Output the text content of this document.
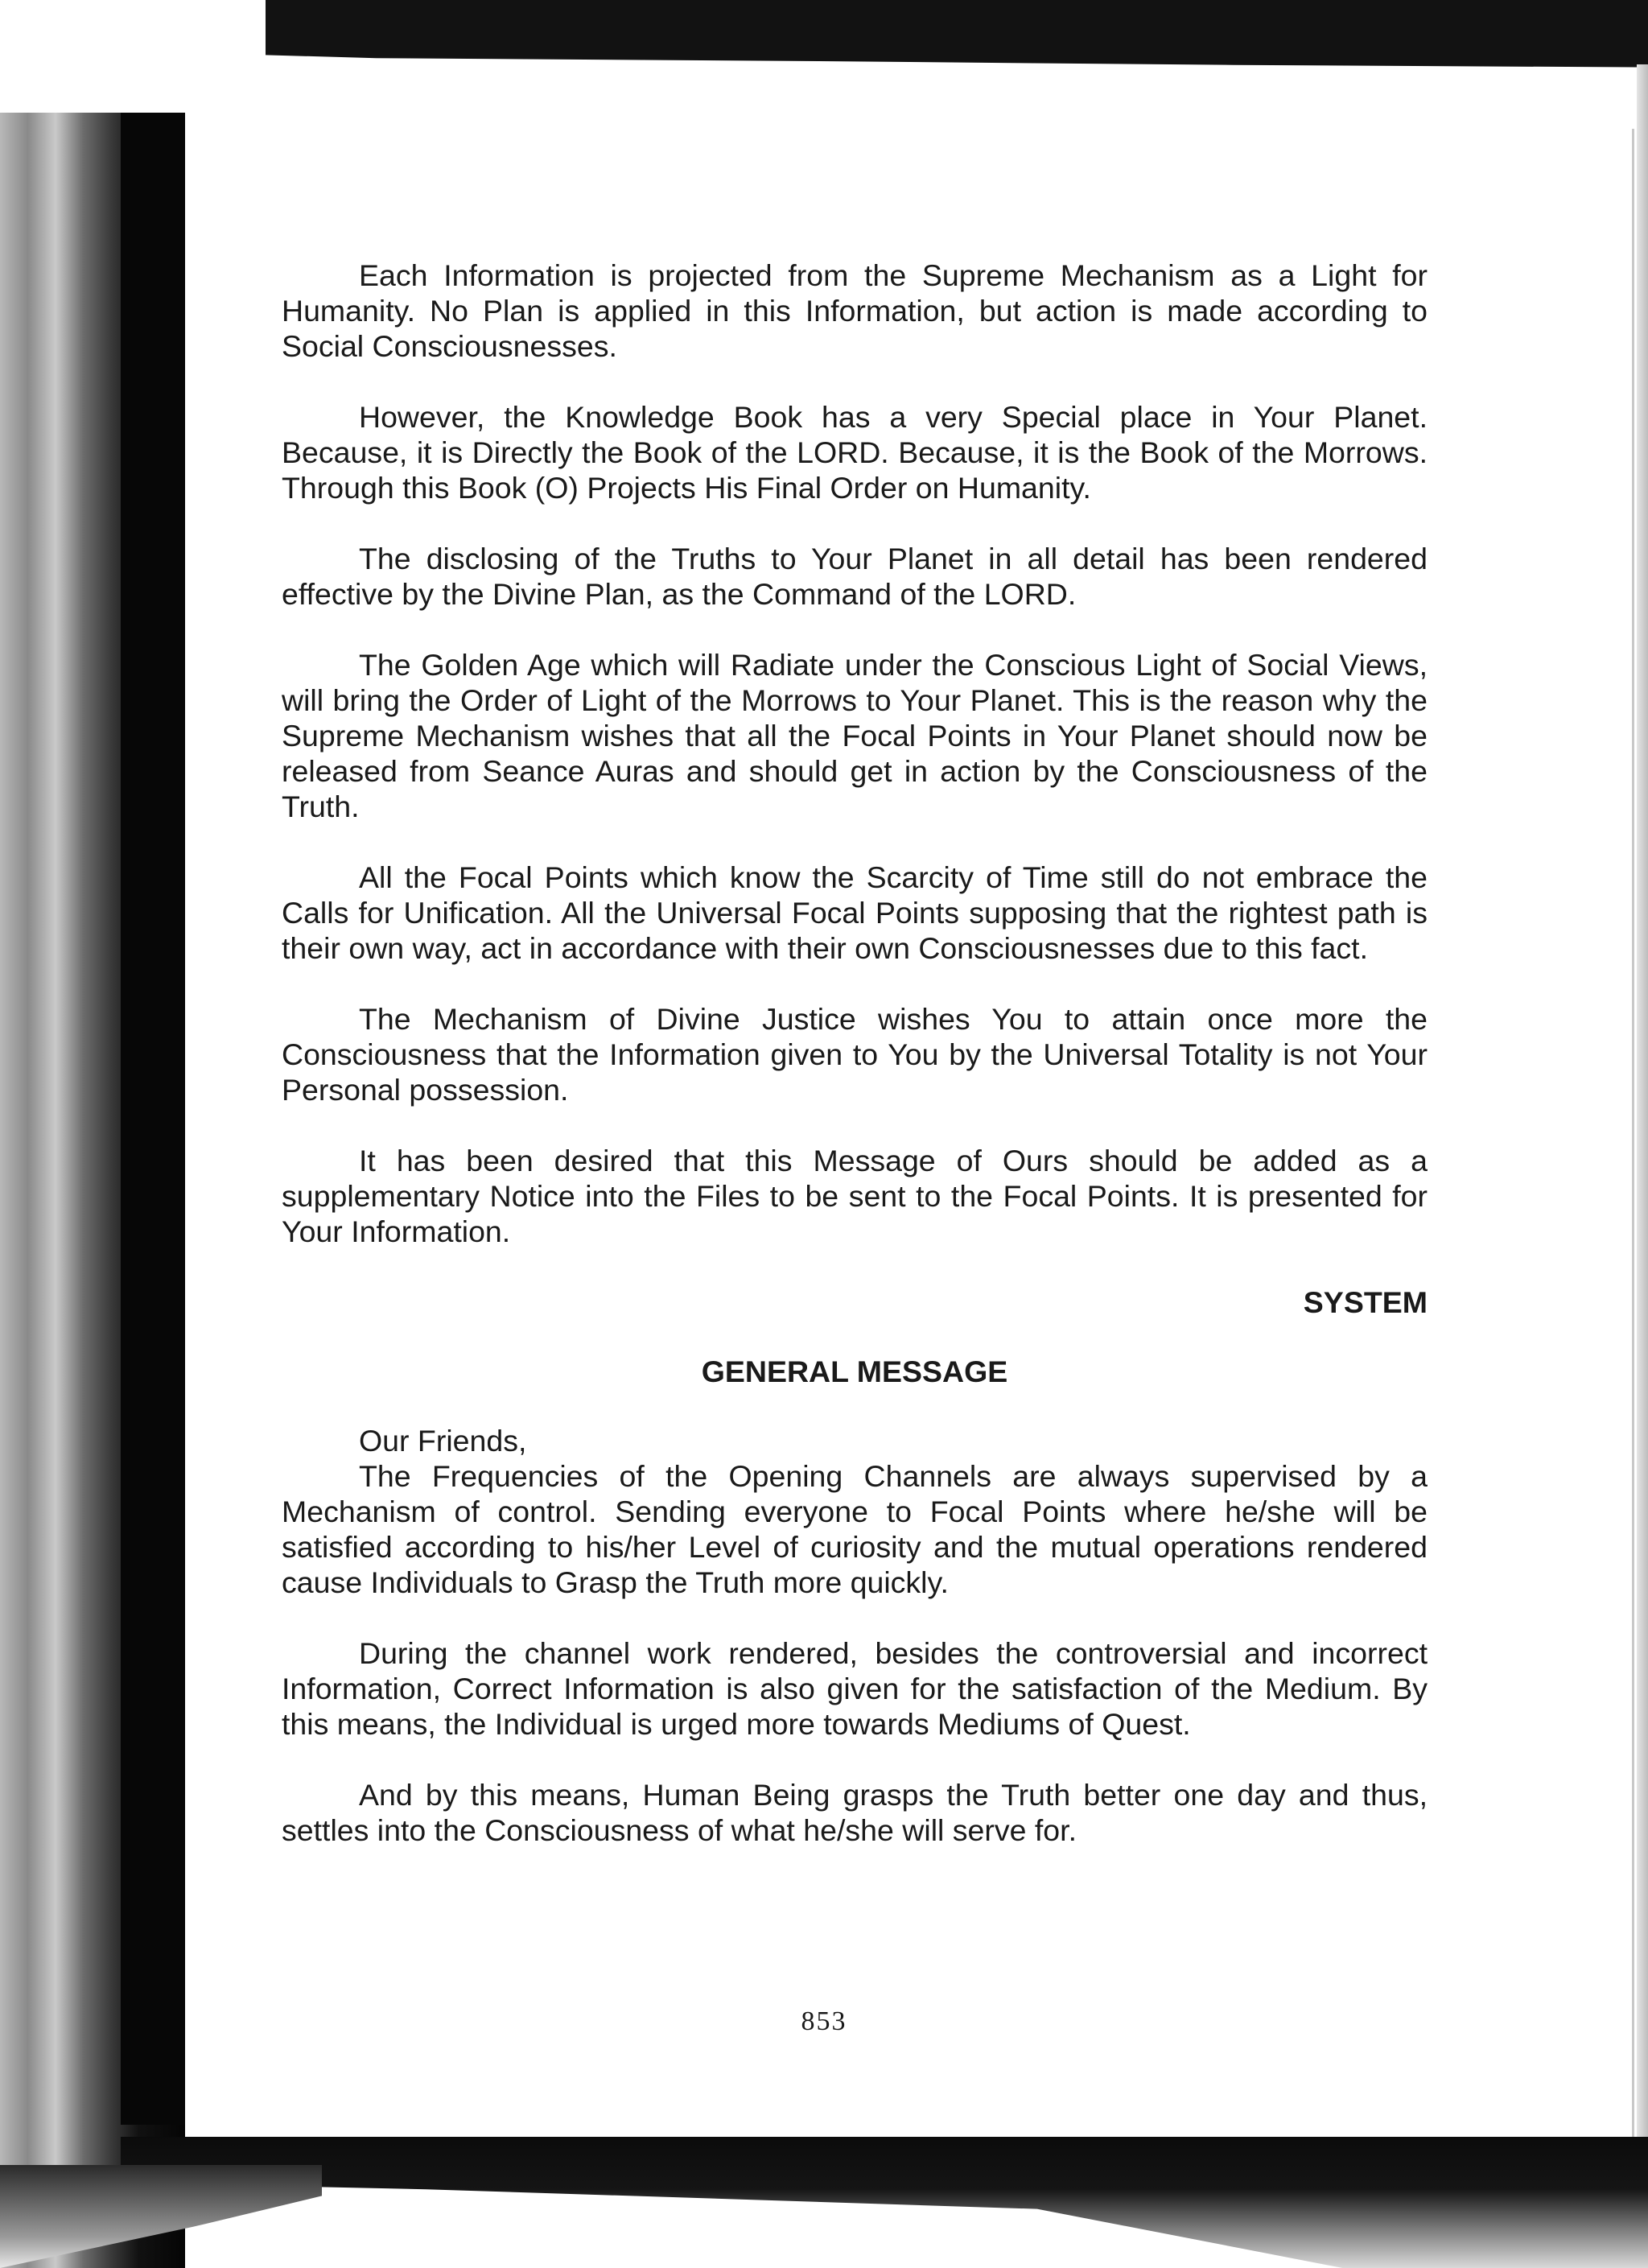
Each Information is projected from the Supreme Mechanism as a Light for Humanity. No Plan is applied in this Information, but action is made according to Social Consciousnesses.

However, the Knowledge Book has a very Special place in Your Planet. Because, it is Directly the Book of the LORD. Because, it is the Book of the Morrows. Through this Book (O) Projects His Final Order on Humanity.

The disclosing of the Truths to Your Planet in all detail has been rendered effective by the Divine Plan, as the Command of the LORD.

The Golden Age which will Radiate under the Conscious Light of Social Views, will bring the Order of Light of the Morrows to Your Planet. This is the reason why the Supreme Mechanism wishes that all the Focal Points in Your Planet should now be released from Seance Auras and should get in action by the Consciousness of the Truth.

All the Focal Points which know the Scarcity of Time still do not embrace the Calls for Unification. All the Universal Focal Points supposing that the rightest path is their own way, act in accordance with their own Consciousnesses due to this fact.

The Mechanism of Divine Justice wishes You to attain once more the Consciousness that the Information given to You by the Universal Totality is not Your Personal possession.

It has been desired that this Message of Ours should be added as a supplementary Notice into the Files to be sent to the Focal Points. It is presented for Your Information.

SYSTEM
GENERAL MESSAGE

Our Friends,

The Frequencies of the Opening Channels are always supervised by a Mechanism of control. Sending everyone to Focal Points where he/she will be satisfied according to his/her Level of curiosity and the mutual operations rendered cause Individuals to Grasp the Truth more quickly.

During the channel work rendered, besides the controversial and incorrect Information, Correct Information is also given for the satisfaction of the Medium. By this means, the Individual is urged more towards Mediums of Quest.

And by this means, Human Being grasps the Truth better one day and thus, settles into the Consciousness of what he/she will serve for.

853
